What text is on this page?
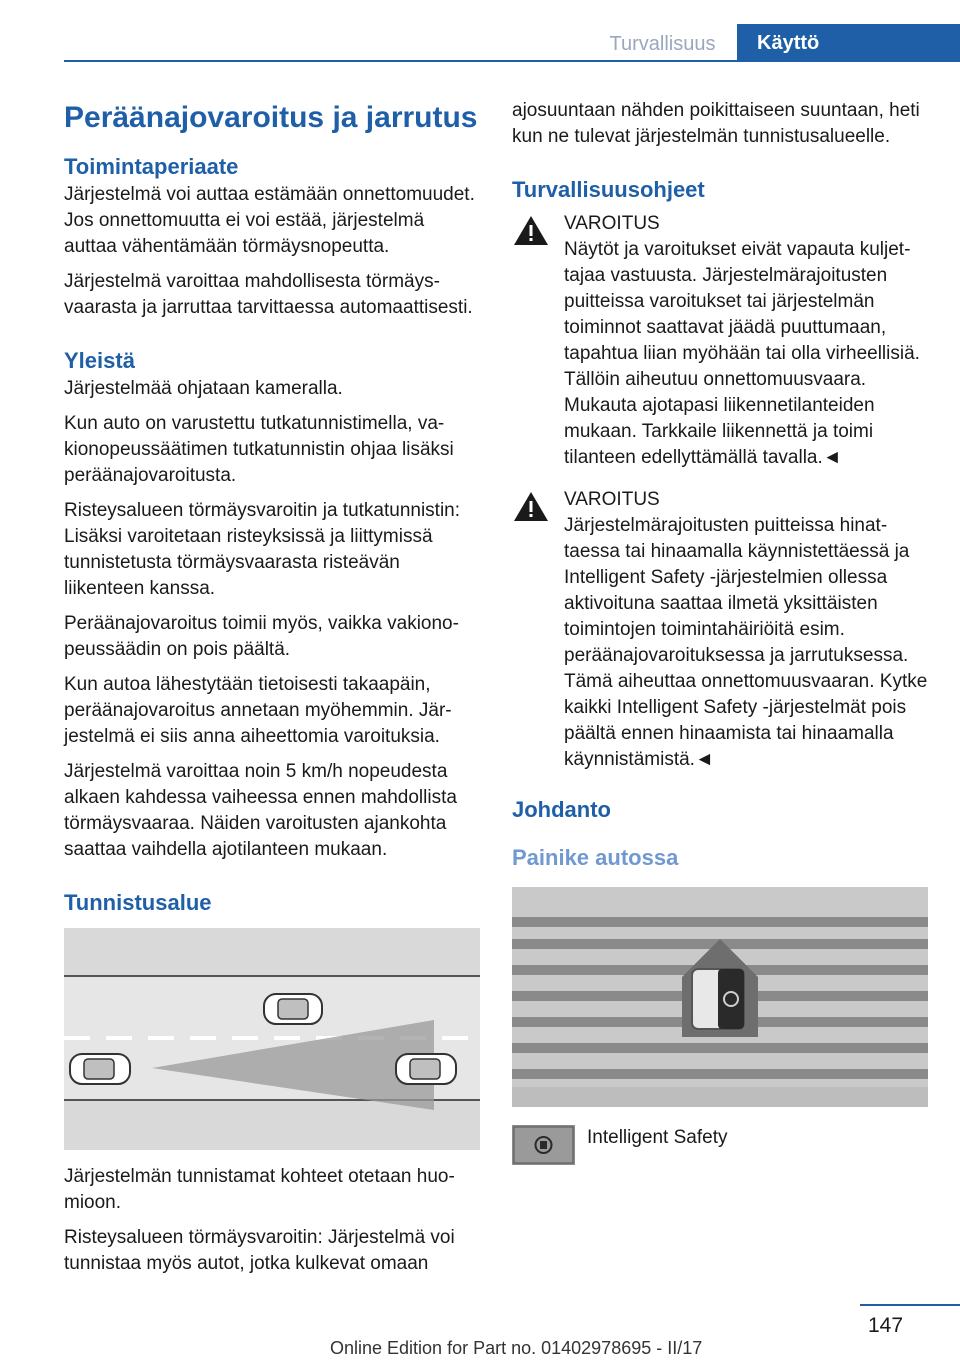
Turvallisuus	Käyttö
Peräänajovaroitus ja jarrutus
Toimintaperiaate

Järjestelmä voi auttaa estämään onnettomuudet. Jos onnettomuutta ei voi estää, järjestelmä auttaa vähentämään törmäysnopeutta.

Järjestelmä varoittaa mahdollisesta törmäysvaarasta ja jarruttaa tarvittaessa automaattisesti.

Yleistä

Järjestelmää ohjataan kameralla.

Kun auto on varustettu tutkatunnistimella, vakionopeussäätimen tutkatunnistin ohjaa lisäksi peräänajovaroitusta.

Risteysalueen törmäysvaroitin ja tutkatunnistin: Lisäksi varoitetaan risteyksissä ja liittymissä tunnistetusta törmäysvaarasta risteävän liikenteen kanssa.

Peräänajovaroitus toimii myös, vaikka vakionopeussäädin on pois päältä.

Kun autoa lähestytään tietoisesti takaapäin, peräänajovaroitus annetaan myöhemmin. Järjestelmä ei siis anna aiheettomia varoituksia.

Järjestelmä varoittaa noin 5 km/h nopeudesta alkaen kahdessa vaiheessa ennen mahdollista törmäysvaaraa. Näiden varoitusten ajankohta saattaa vaihdella ajotilanteen mukaan.

Tunnistusalue

Järjestelmän tunnistamat kohteet otetaan huomioon.

Risteysalueen törmäysvaroitin: Järjestelmä voi tunnistaa myös autot, jotka kulkevat omaan

ajosuuntaan nähden poikittaiseen suuntaan, heti kun ne tulevat järjestelmän tunnistusalueelle.

Turvallisuusohjeet
VAROITUS
Näytöt ja varoitukset eivät vapauta kuljettajaa vastuusta. Järjestelmärajoitusten puitteissa varoitukset tai järjestelmän toiminnot saattavat jäädä puuttumaan, tapahtua liian myöhään tai olla virheellisiä. Tällöin aiheutuu onnettomuusvaara. Mukauta ajotapasi liikennetilanteiden mukaan. Tarkkaile liikennettä ja toimi tilanteen edellyttämällä tavalla.◄
VAROITUS
Järjestelmärajoitusten puitteissa hinattaessa tai hinaamalla käynnistettäessä ja Intelligent Safety -järjestelmien ollessa aktivoituna saattaa ilmetä yksittäisten toimintojen toimintahäiriöitä esim. peräänajovaroituksessa ja jarrutuksessa. Tämä aiheuttaa onnettomuusvaaran. Kytke kaikki Intelligent Safety -järjestelmät pois päältä ennen hinaamista tai hinaamalla käynnistämistä.◄
Johdanto
Painike autossa
Intelligent Safety
147
Online Edition for Part no. 01402978695 - II/17
